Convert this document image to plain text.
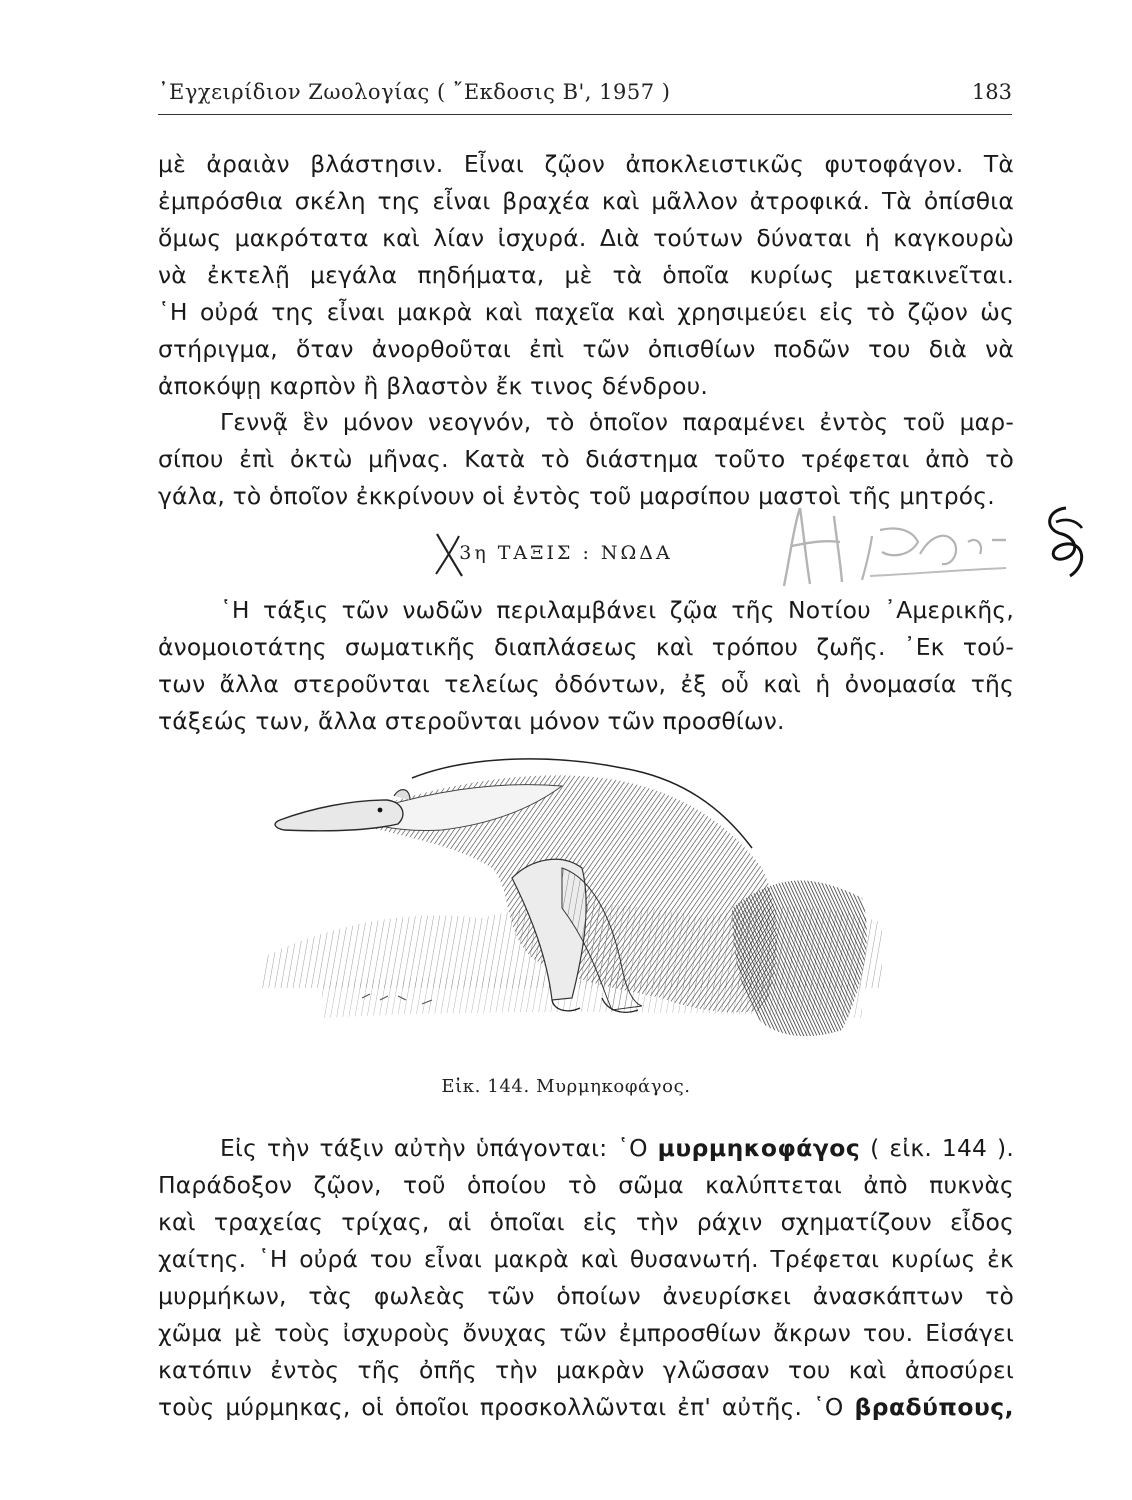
᾿Εγχειρίδιον Ζωολογίας ( ῎Εκδοσις Β', 1957 )	183
μὲ ἀραιὰν βλάστησιν. Εἶναι ζῷον ἀποκλειστικῶς φυτοφάγον. Τὰ
ἐμπρόσθια σκέλη της εἶναι βραχέα καὶ μᾶλλον ἀτροφικά. Τὰ ὀπίσθια
ὅμως μακρότατα καὶ λίαν ἰσχυρά. Διὰ τούτων δύναται ἡ καγκουρὼ
νὰ ἐκτελῇ μεγάλα πηδήματα, μὲ τὰ ὁποῖα κυρίως μετακινεῖται.
῾Η οὐρά της εἶναι μακρὰ καὶ παχεῖα καὶ χρησιμεύει εἰς τὸ ζῷον ὡς
στήριγμα, ὅταν ἀνορθοῦται ἐπὶ τῶν ὀπισθίων ποδῶν του διὰ νὰ
ἀποκόψῃ καρπὸν ἢ βλαστὸν ἔκ τινος δένδρου.
Γεννᾷ ἓν μόνον νεογνόν, τὸ ὁποῖον παραμένει ἐντὸς τοῦ μαρ-
σίπου ἐπὶ ὀκτὼ μῆνας. Κατὰ τὸ διάστημα τοῦτο τρέφεται ἀπὸ τὸ
γάλα, τὸ ὁποῖον ἐκκρίνουν οἱ ἐντὸς τοῦ μαρσίπου μαστοὶ τῆς μητρός.
3η ΤΑΞΙΣ : ΝΩΔΑ
῾Η τάξις τῶν νωδῶν περιλαμβάνει ζῷα τῆς Νοτίου ᾿Αμερικῆς,
ἀνομοιοτάτης σωματικῆς διαπλάσεως καὶ τρόπου ζωῆς. ᾿Εκ τού-
των ἄλλα στεροῦνται τελείως ὀδόντων, ἐξ οὗ καὶ ἡ ὀνομασία τῆς
τάξεώς των, ἄλλα στεροῦνται μόνον τῶν προσθίων.
Εἰκ. 144. Μυρμηκοφάγος.
Εἰς τὴν τάξιν αὐτὴν ὑπάγονται: ῾Ο μυρμηκοφάγος ( εἰκ. 144 ).
Παράδοξον ζῷον, τοῦ ὁποίου τὸ σῶμα καλύπτεται ἀπὸ πυκνὰς
καὶ τραχείας τρίχας, αἱ ὁποῖαι εἰς τὴν ράχιν σχηματίζουν εἶδος
χαίτης. ῾Η οὐρά του εἶναι μακρὰ καὶ θυσανωτή. Τρέφεται κυρίως ἐκ
μυρμήκων, τὰς φωλεὰς τῶν ὁποίων ἀνευρίσκει ἀνασκάπτων τὸ
χῶμα μὲ τοὺς ἰσχυροὺς ὄνυχας τῶν ἐμπροσθίων ἄκρων του. Εἰσάγει
κατόπιν ἐντὸς τῆς ὀπῆς τὴν μακρὰν γλῶσσαν του καὶ ἀποσύρει
τοὺς μύρμηκας, οἱ ὁποῖοι προσκολλῶνται ἐπ' αὐτῆς. ῾Ο βραδύπους,
